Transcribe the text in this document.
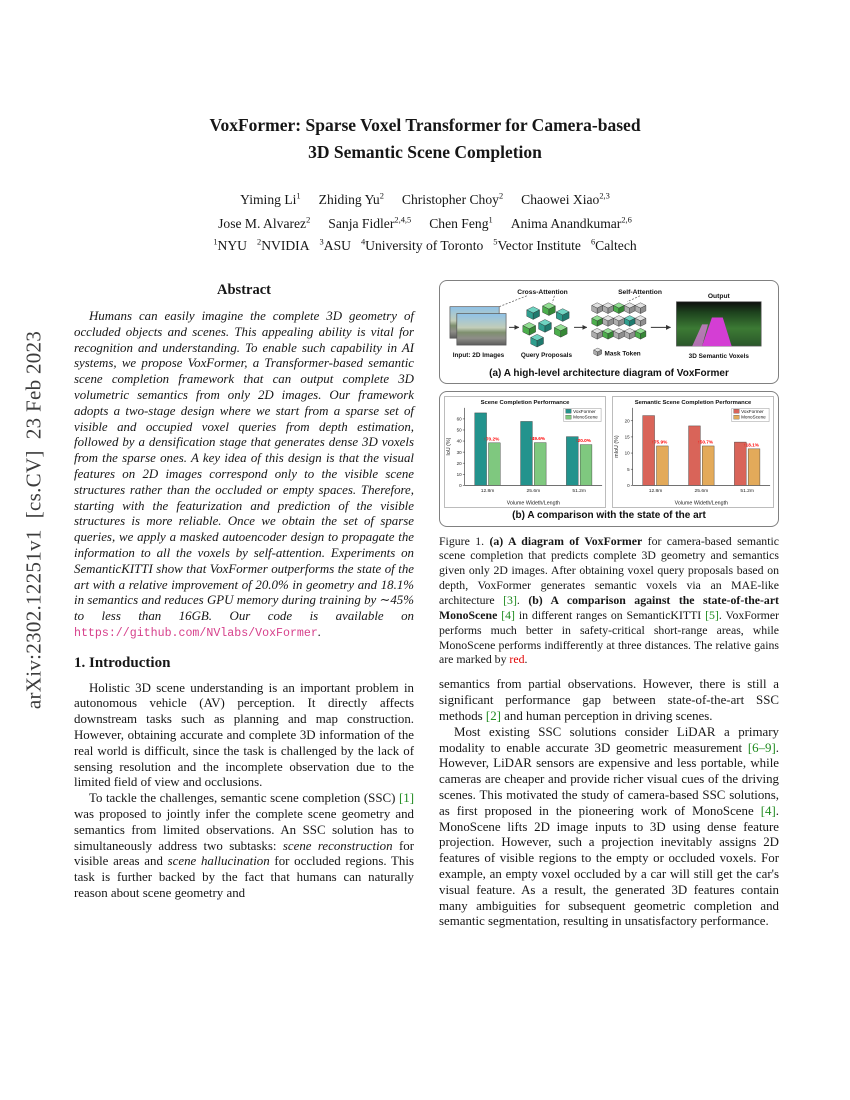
arXiv:2302.12251v1  [cs.CV]  23 Feb 2023
VoxFormer: Sparse Voxel Transformer for Camera-based
3D Semantic Scene Completion
Yiming Li$^1$ Zhiding Yu$^2$ Christopher Choy$^2$ Chaowei Xiao$^{2,3}$
Jose M. Alvarez$^2$ Sanja Fidler$^{2,4,5}$ Chen Feng$^1$ Anima Anandkumar$^{2,6}$
$^1$NYU $^2$NVIDIA $^3$ASU $^4$University of Toronto $^5$Vector Institute $^6$Caltech
Abstract

Humans can easily imagine the complete 3D geometry of occluded objects and scenes. This appealing ability is vital for recognition and understanding. To enable such capability in AI systems, we propose VoxFormer, a Transformer-based semantic scene completion framework that can output complete 3D volumetric semantics from only 2D images. Our framework adopts a two-stage design where we start from a sparse set of visible and occupied voxel queries from depth estimation, followed by a densification stage that generates dense 3D voxels from the sparse ones. A key idea of this design is that the visual features on 2D images correspond only to the visible scene structures rather than the occluded or empty spaces. Therefore, starting with the featurization and prediction of the visible structures is more reliable. Once we obtain the set of sparse queries, we apply a masked autoencoder design to propagate the information to all the voxels by self-attention. Experiments on SemanticKITTI show that VoxFormer outperforms the state of the art with a relative improvement of 20.0% in geometry and 18.1% in semantics and reduces GPU memory during training by ∼45% to less than 16GB. Our code is available on https://github.com/NVlabs/VoxFormer.

1. Introduction

Holistic 3D scene understanding is an important problem in autonomous vehicle (AV) perception. It directly affects downstream tasks such as planning and map construction. However, obtaining accurate and complete 3D information of the real world is difficult, since the task is challenged by the lack of sensing resolution and the incomplete observation due to the limited field of view and occlusions.

To tackle the challenges, semantic scene completion (SSC) [1] was proposed to jointly infer the complete scene geometry and semantics from limited observations. An SSC solution has to simultaneously address two subtasks: scene reconstruction for visible areas and scene hallucination for occluded regions. This task is further backed by the fact that humans can naturally reason about scene geometry and

Cross-Attention	Self-Attention
Output
Input: 2D Images	Query Proposals	Mask Token	3D Semantic Voxels
(a) A high-level architecture diagram of VoxFormer
Scene Completion Performance
0
10
20
30
40
50
60
IoU (%)
Volume Wideth/Length
12.8m
↑70.2%
25.6m
↑49.6%
51.2m
↑20.0%
VoxFormer
MonoScene
Semantic Scene Completion Performance
0
5
10
15
20
mIoU (%)
Volume Wideth/Length
12.8m
↑75.9%
25.6m
↑50.7%
51.2m
↑18.1%
VoxFormer
MonoScene
(b) A comparison with the state of the art
Figure 1. (a) A diagram of VoxFormer for camera-based semantic scene completion that predicts complete 3D geometry and semantics given only 2D images. After obtaining voxel query proposals based on depth, VoxFormer generates semantic voxels via an MAE-like architecture [3]. (b) A comparison against the state-of-the-art MonoScene [4] in different ranges on SemanticKITTI [5]. VoxFormer performs much better in safety-critical short-range areas, while MonoScene performs indifferently at three distances. The relative gains are marked by red.

semantics from partial observations. However, there is still a significant performance gap between state-of-the-art SSC methods [2] and human perception in driving scenes.

Most existing SSC solutions consider LiDAR a primary modality to enable accurate 3D geometric measurement [6–9]. However, LiDAR sensors are expensive and less portable, while cameras are cheaper and provide richer visual cues of the driving scenes. This motivated the study of camera-based SSC solutions, as first proposed in the pioneering work of MonoScene [4]. MonoScene lifts 2D image inputs to 3D using dense feature projection. However, such a projection inevitably assigns 2D features of visible regions to the empty or occluded voxels. For example, an empty voxel occluded by a car will still get the car's visual feature. As a result, the generated 3D features contain many ambiguities for subsequent geometric completion and semantic segmentation, resulting in unsatisfactory performance.
